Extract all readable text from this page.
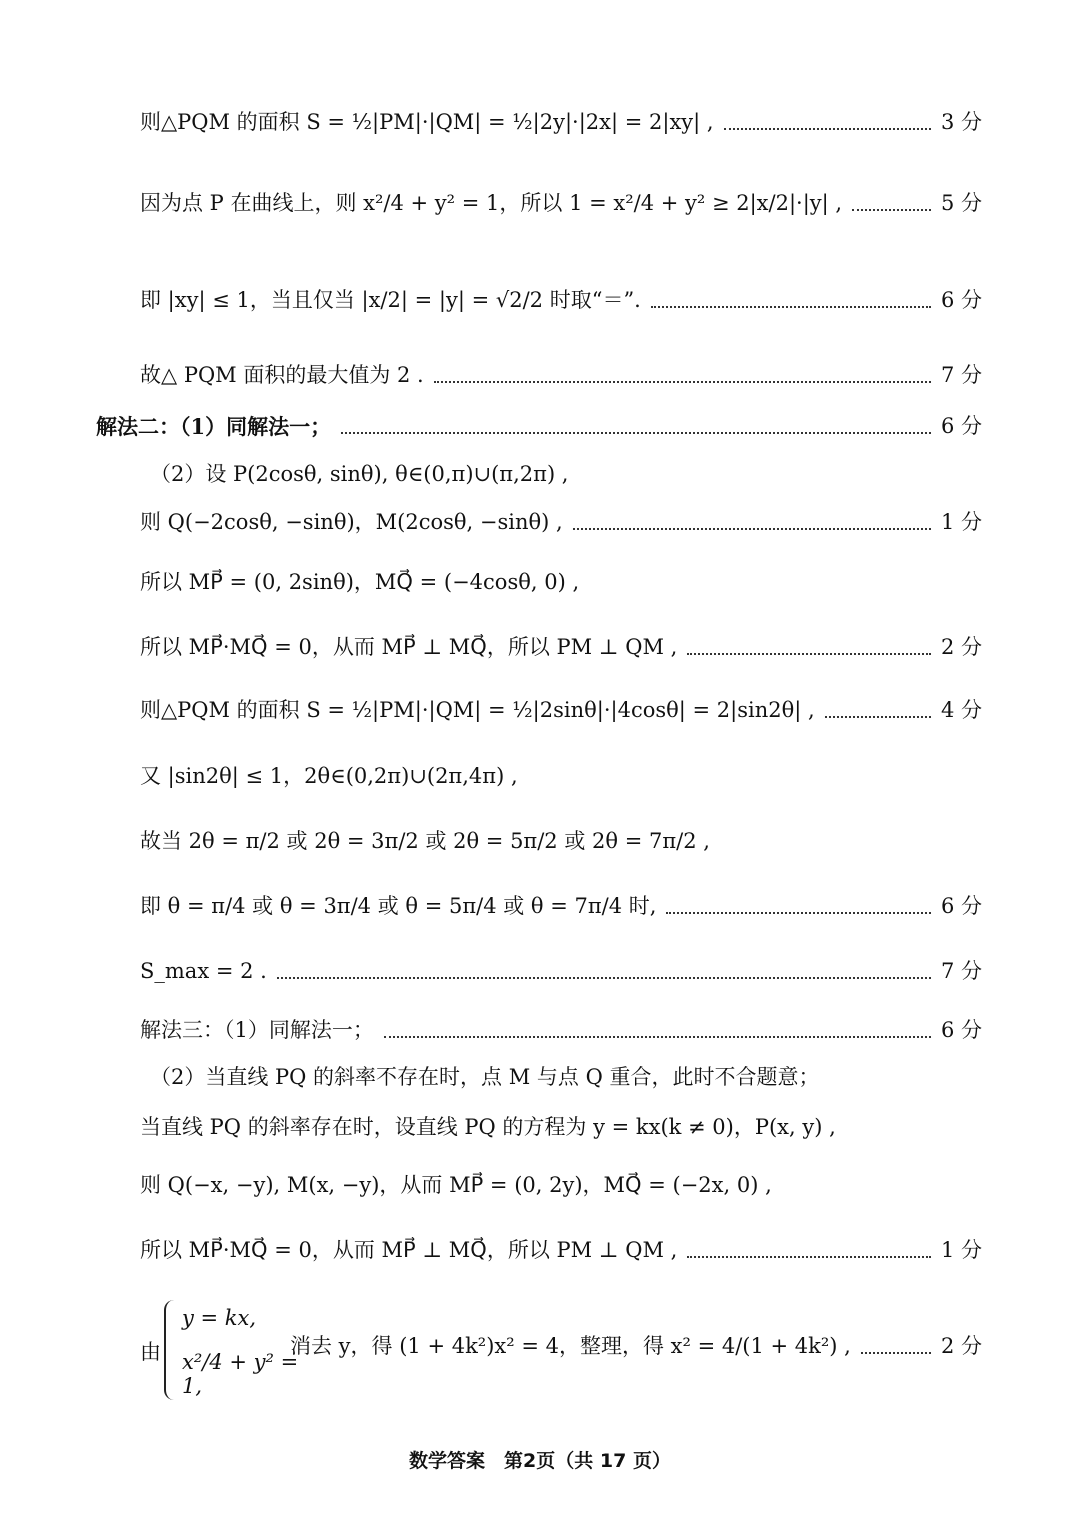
则△PQM 的面积 S = ½|PM|·|QM| = ½|2y|·|2x| = 2|xy| ,	3 分
因为点 P 在曲线上，则 x²/4 + y² = 1，所以 1 = x²/4 + y² ≥ 2|x/2|·|y| ,	5 分
即 |xy| ≤ 1，当且仅当 |x/2| = |y| = √2/2 时取“＝”.	6 分
故△ PQM 面积的最大值为 2 .	7 分
解法二：（1）同解法一；	6 分
（2）设 P(2cosθ, sinθ), θ∈(0,π)∪(π,2π) ,
则 Q(−2cosθ, −sinθ)，M(2cosθ, −sinθ) ,	1 分
所以 MP⃗ = (0, 2sinθ)，MQ⃗ = (−4cosθ, 0) ,
所以 MP⃗·MQ⃗ = 0，从而 MP⃗ ⊥ MQ⃗，所以 PM ⊥ QM ,	2 分
则△PQM 的面积 S = ½|PM|·|QM| = ½|2sinθ|·|4cosθ| = 2|sin2θ| ,	4 分
又 |sin2θ| ≤ 1，2θ∈(0,2π)∪(2π,4π) ,
故当 2θ = π/2 或 2θ = 3π/2 或 2θ = 5π/2 或 2θ = 7π/2 ,
即 θ = π/4 或 θ = 3π/4 或 θ = 5π/4 或 θ = 7π/4 时,	6 分
S_max = 2 .	7 分
解法三：（1）同解法一；	6 分
（2）当直线 PQ 的斜率不存在时，点 M 与点 Q 重合，此时不合题意；
当直线 PQ 的斜率存在时，设直线 PQ 的方程为 y = kx(k ≠ 0)，P(x, y) ,
则 Q(−x, −y), M(x, −y)，从而 MP⃗ = (0, 2y)，MQ⃗ = (−2x, 0) ,
所以 MP⃗·MQ⃗ = 0，从而 MP⃗ ⊥ MQ⃗，所以 PM ⊥ QM ,	1 分
由
y = kx,
x²/4 + y² = 1,
消去 y，得 (1 + 4k²)x² = 4，整理，得 x² = 4/(1 + 4k²) ,	2 分
数学答案　第2页（共 17 页）
